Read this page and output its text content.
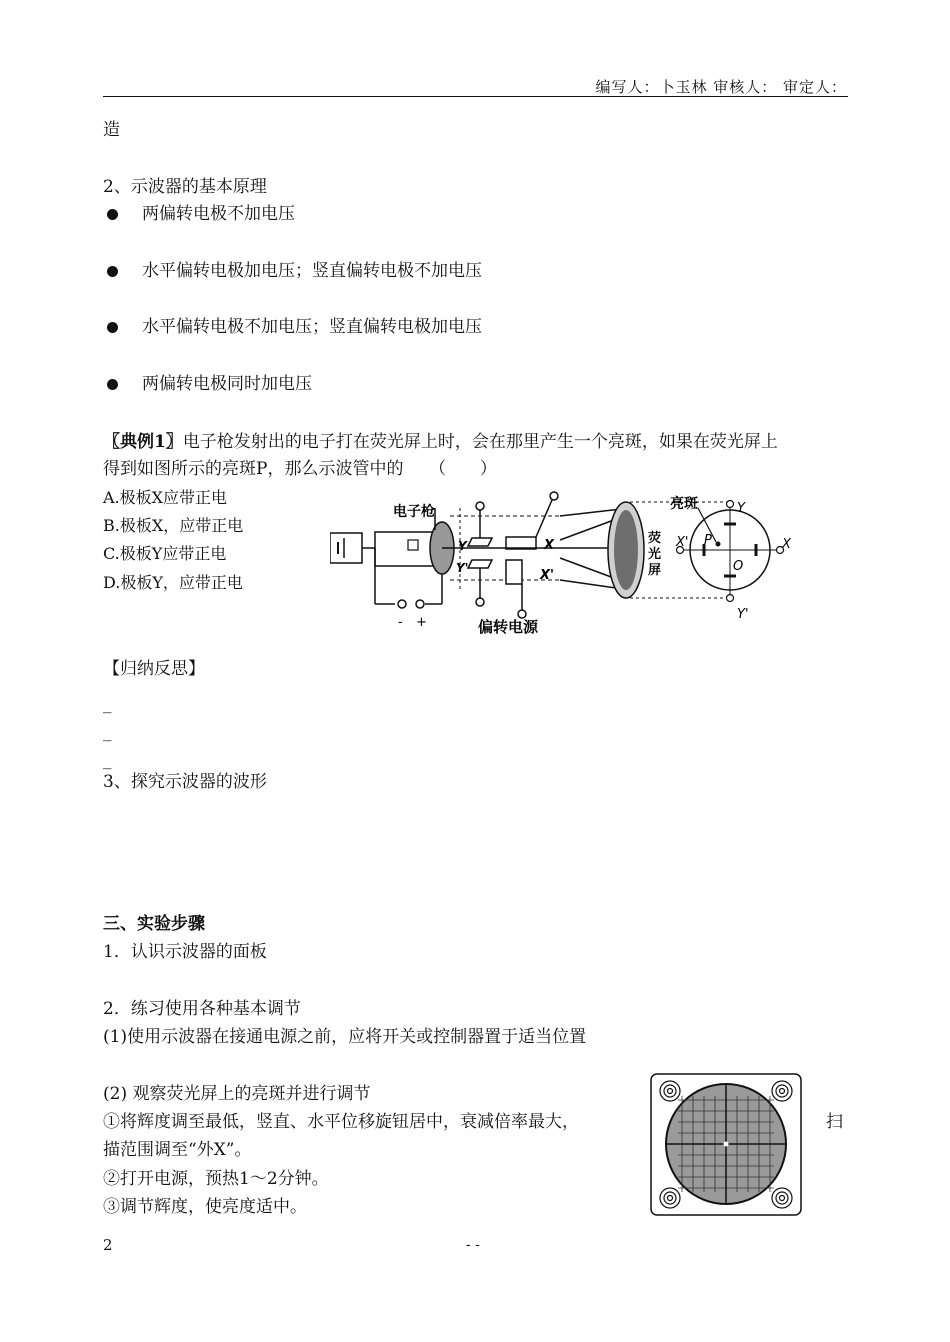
编写人：卜玉林 审核人： 审定人：
造
2、示波器的基本原理
两偏转电极不加电压
水平偏转电极加电压；竖直偏转电极不加电压
水平偏转电极不加电压；竖直偏转电极加电压
两偏转电极同时加电压
〖典例1〗电子枪发射出的电子打在荧光屏上时，会在那里产生一个亮斑，如果在荧光屏上
得到如图所示的亮斑P，那么示波管中的　　（　　）
A.极板X应带正电
B.极板X，应带正电
C.极板Y应带正电
D.极板Y，应带正电
- +
电子枪
Y
Y'
X
X'
偏转电源
荧
光
屏
亮斑	Y
Y'
X
X' P
O
【归纳反思】
_
_
_
3、探究示波器的波形
三、实验步骤
1．认识示波器的面板
2．练习使用各种基本调节
(1)使用示波器在接通电源之前，应将开关或控制器置于适当位置
(2) 观察荧光屏上的亮斑并进行调节
①将辉度调至最低，竖直、水平位移旋钮居中，衰减倍率最大，	扫
描范围调至“外X”。
②打开电源，预热1～2分钟。
③调节辉度，使亮度适中。
2	- -
